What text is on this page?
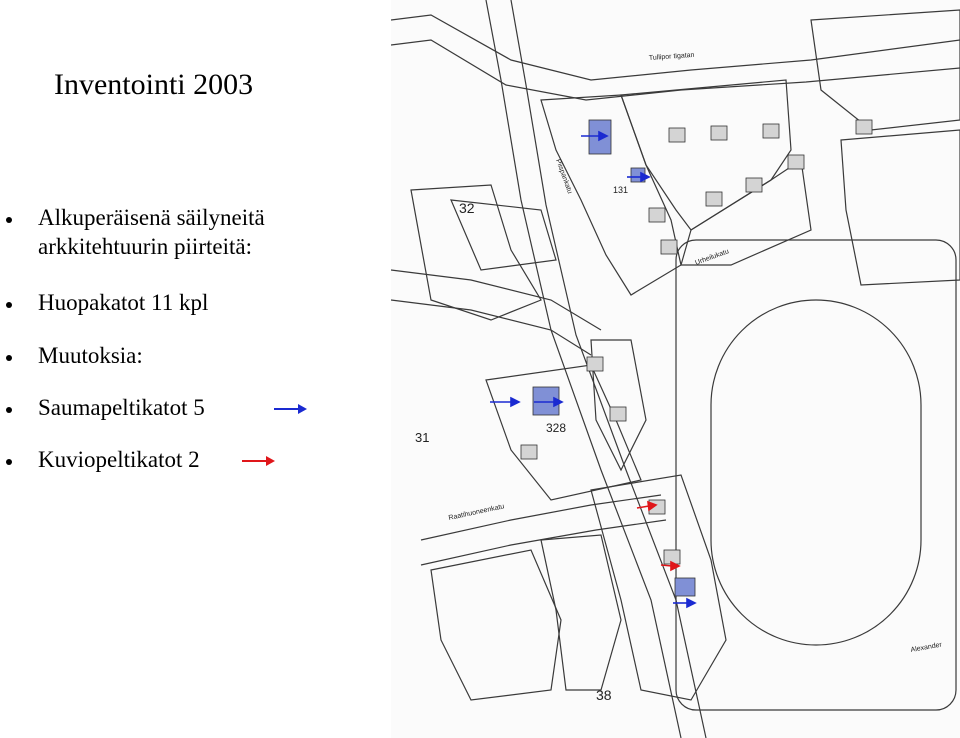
Inventointi 2003
Alkuperäisenä säilyneitä
arkkitehtuurin piirteitä:
Huopakatot 11 kpl
Muutoksia:
Saumapeltikatot 5
Kuviopeltikatot 2
32
31
38
328
131
Tullipor tigatan
Raatihuoneenkatu
Alexander
Piispankatu
Urheilukatu
